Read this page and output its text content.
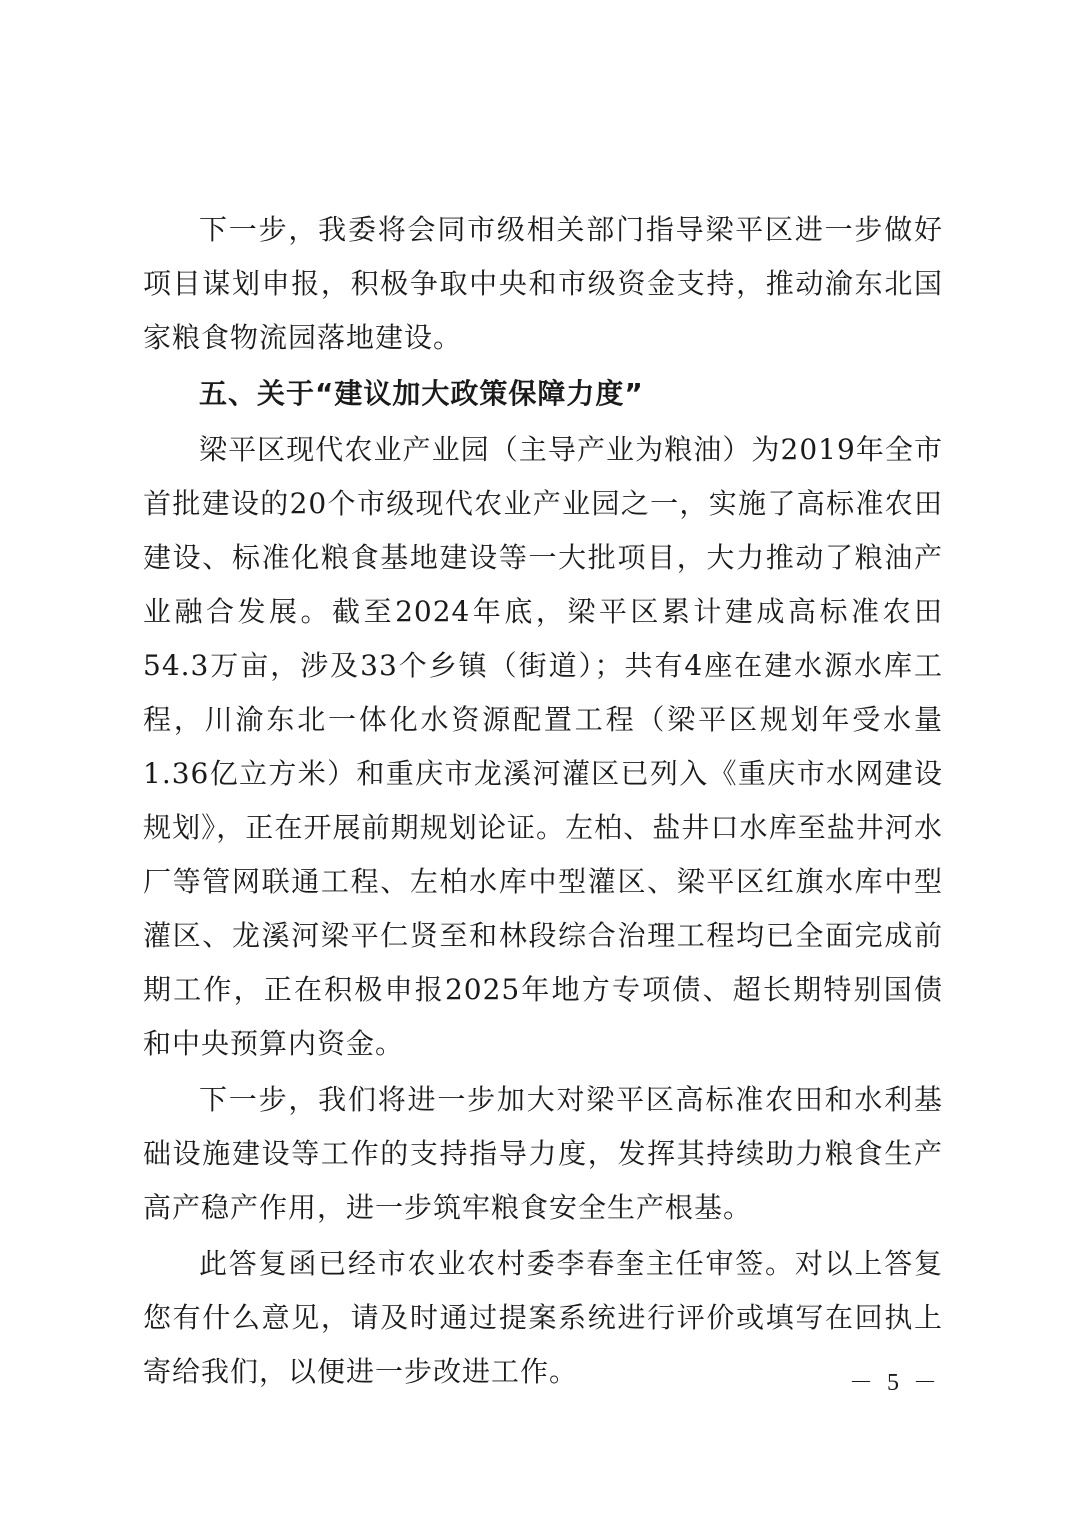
下一步，我委将会同市级相关部门指导梁平区进一步做好项目谋划申报，积极争取中央和市级资金支持，推动渝东北国家粮食物流园落地建设。

五、关于“建议加大政策保障力度”

梁平区现代农业产业园（主导产业为粮油）为2019年全市首批建设的20个市级现代农业产业园之一，实施了高标准农田建设、标准化粮食基地建设等一大批项目，大力推动了粮油产业融合发展。截至2024年底，梁平区累计建成高标准农田54.3万亩，涉及33个乡镇（街道）；共有4座在建水源水库工程，川渝东北一体化水资源配置工程（梁平区规划年受水量1.36亿立方米）和重庆市龙溪河灌区已列入《重庆市水网建设规划》，正在开展前期规划论证。左柏、盐井口水库至盐井河水厂等管网联通工程、左柏水库中型灌区、梁平区红旗水库中型灌区、龙溪河梁平仁贤至和林段综合治理工程均已全面完成前期工作，正在积极申报2025年地方专项债、超长期特别国债和中央预算内资金。

下一步，我们将进一步加大对梁平区高标准农田和水利基础设施建设等工作的支持指导力度，发挥其持续助力粮食生产高产稳产作用，进一步筑牢粮食安全生产根基。

此答复函已经市农业农村委李春奎主任审签。对以上答复您有什么意见，请及时通过提案系统进行评价或填写在回执上寄给我们，以便进一步改进工作。	－ 5 －
